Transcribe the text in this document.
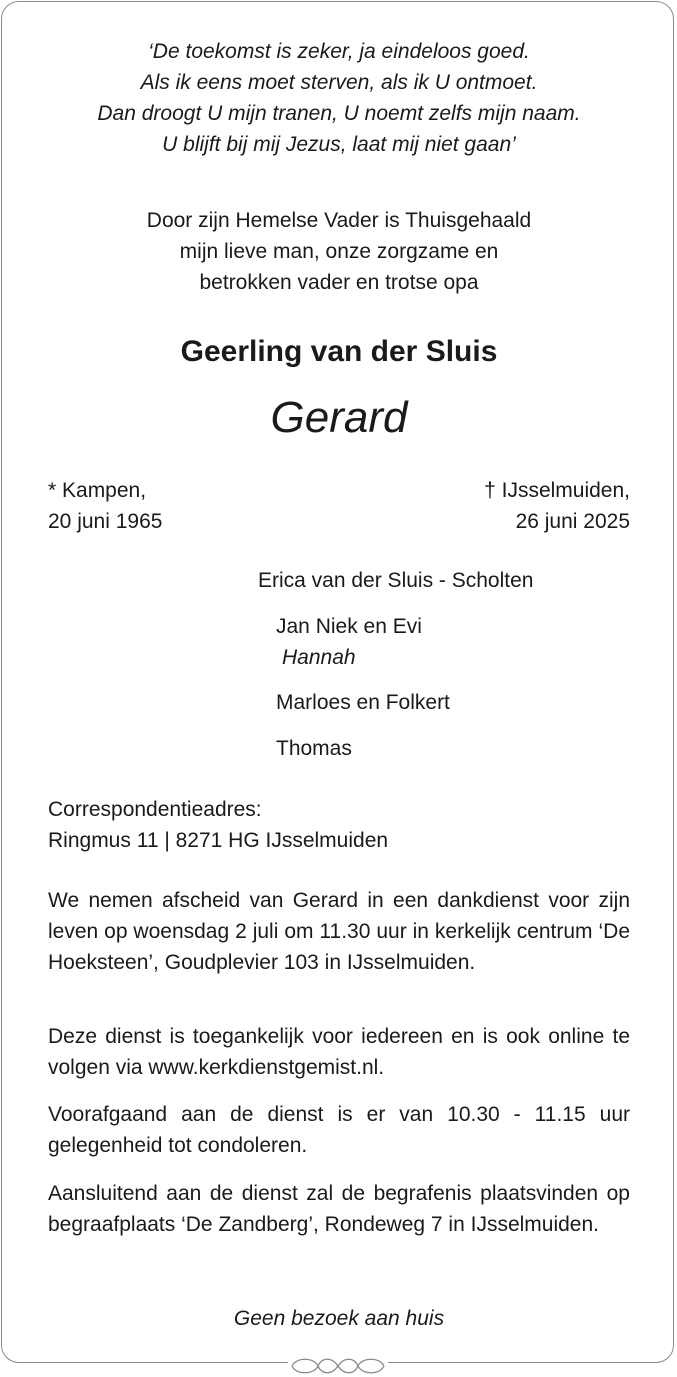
‘De toekomst is zeker, ja eindeloos goed.
Als ik eens moet sterven, als ik U ontmoet.
Dan droogt U mijn tranen, U noemt zelfs mijn naam.
U blijft bij mij Jezus, laat mij niet gaan’
Door zijn Hemelse Vader is Thuisgehaald
mijn lieve man, onze zorgzame en
betrokken vader en trotse opa
Geerling van der Sluis
Gerard
* Kampen,
20 juni 1965
† IJsselmuiden,
26 juni 2025
Erica van der Sluis - Scholten
Jan Niek en Evi
Hannah
Marloes en Folkert
Thomas
Correspondentieadres:
Ringmus 11 | 8271 HG IJsselmuiden
We nemen afscheid van Gerard in een dankdienst voor zijn leven op woensdag 2 juli om 11.30 uur in kerkelijk centrum ‘De Hoeksteen’, Goudplevier 103 in IJsselmuiden.
Deze dienst is toegankelijk voor iedereen en is ook online te volgen via www.kerkdienstgemist.nl.
Voorafgaand aan de dienst is er van 10.30 - 11.15 uur gelegenheid tot condoleren.
Aansluitend aan de dienst zal de begrafenis plaatsvinden op begraafplaats ‘De Zandberg’, Rondeweg 7 in IJsselmuiden.
Geen bezoek aan huis
